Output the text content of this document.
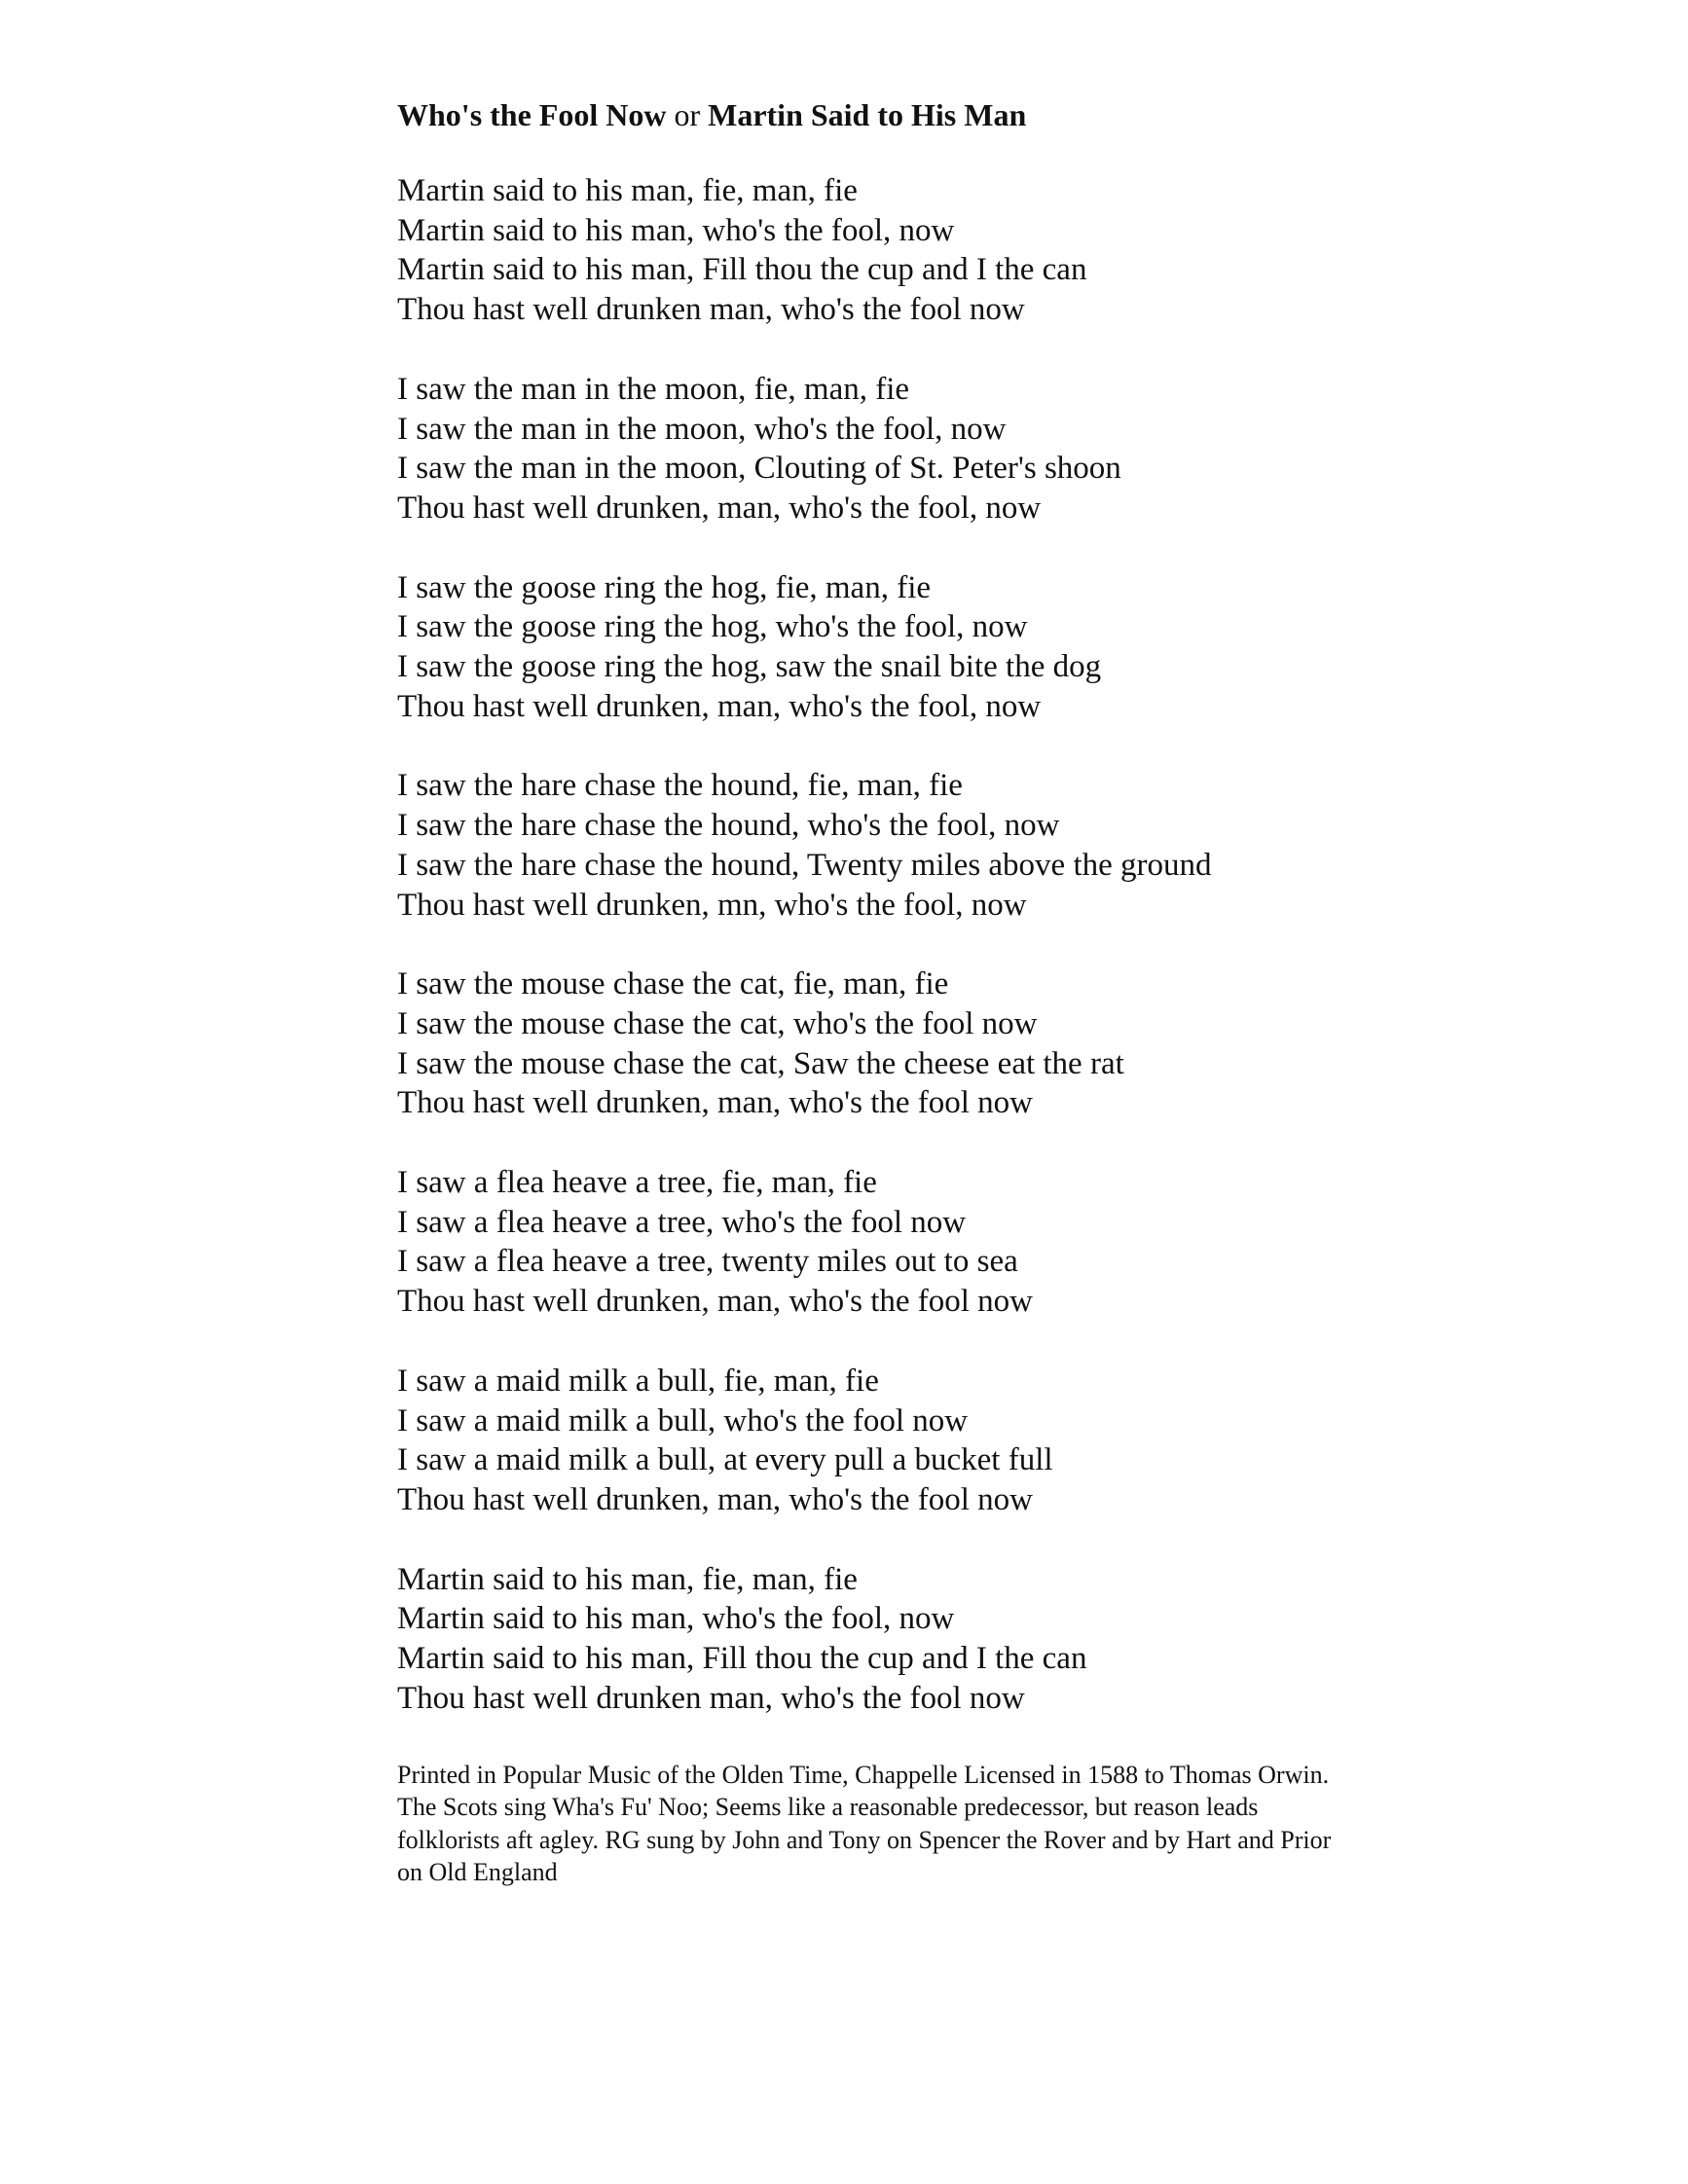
Who's the Fool Now or Martin Said to His Man
Martin said to his man, fie, man, fie
Martin said to his man, who's the fool, now
Martin said to his man, Fill thou the cup and I the can
Thou hast well drunken man, who's the fool now
I saw the man in the moon, fie, man, fie
I saw the man in the moon, who's the fool, now
I saw the man in the moon, Clouting of St. Peter's shoon
Thou hast well drunken, man, who's the fool, now
I saw the goose ring the hog, fie, man, fie
I saw the goose ring the hog, who's the fool, now
I saw the goose ring the hog, saw the snail bite the dog
Thou hast well drunken, man, who's the fool, now
I saw the hare chase the hound, fie, man, fie
I saw the hare chase the hound, who's the fool, now
I saw the hare chase the hound, Twenty miles above the ground
Thou hast well drunken, mn, who's the fool, now
I saw the mouse chase the cat, fie, man, fie
I saw the mouse chase the cat, who's the fool now
I saw the mouse chase the cat, Saw the cheese eat the rat
Thou hast well drunken, man, who's the fool now
I saw a flea heave a tree, fie, man, fie
I saw a flea heave a tree, who's the fool now
I saw a flea heave a tree, twenty miles out to sea
Thou hast well drunken, man, who's the fool now
I saw a maid milk a bull, fie, man, fie
I saw a maid milk a bull, who's the fool now
I saw a maid milk a bull, at every pull a bucket full
Thou hast well drunken, man, who's the fool now
Martin said to his man, fie, man, fie
Martin said to his man, who's the fool, now
Martin said to his man, Fill thou the cup and I the can
Thou hast well drunken man, who's the fool now
Printed in Popular Music of the Olden Time, Chappelle Licensed in 1588 to Thomas Orwin.
The Scots sing Wha's Fu' Noo; Seems like a reasonable predecessor, but reason leads
folklorists aft agley. RG sung by John and Tony on Spencer the Rover and by Hart and Prior
on Old England
